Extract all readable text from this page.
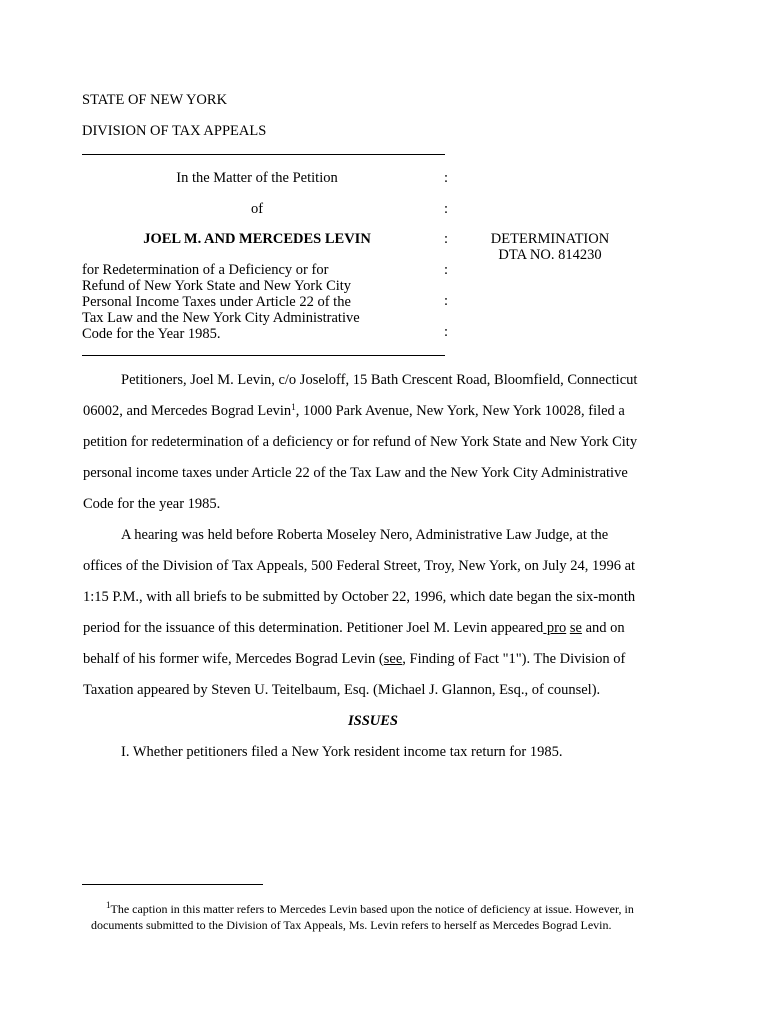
STATE OF NEW YORK
DIVISION OF TAX APPEALS
In the Matter of the Petition
of
JOEL M. AND MERCEDES LEVIN
for Redetermination of a Deficiency or for
Refund of New York State and New York City
Personal Income Taxes under Article 22 of the
Tax Law and the New York City Administrative
Code for the Year 1985.
:
:
:
:
:
:
DETERMINATION
DTA NO. 814230
Petitioners, Joel M. Levin, c/o Joseloff, 15 Bath Crescent Road, Bloomfield, Connecticut
06002, and Mercedes Bograd Levin$^1$, 1000 Park Avenue, New York, New York 10028, filed a
petition for redetermination of a deficiency or for refund of New York State and New York City
personal income taxes under Article 22 of the Tax Law and the New York City Administrative
Code for the year 1985.
A hearing was held before Roberta Moseley Nero, Administrative Law Judge, at the
offices of the Division of Tax Appeals, 500 Federal Street, Troy, New York, on July 24, 1996 at
1:15 P.M., with all briefs to be submitted by October 22, 1996, which date began the six-month
period for the issuance of this determination. Petitioner Joel M. Levin appeared pro se and on
behalf of his former wife, Mercedes Bograd Levin (see, Finding of Fact "1"). The Division of
Taxation appeared by Steven U. Teitelbaum, Esq. (Michael J. Glannon, Esq., of counsel).
ISSUES
I. Whether petitioners filed a New York resident income tax return for 1985.
$^1$The caption in this matter refers to Mercedes Levin based upon the notice of deficiency at issue. However, in
documents submitted to the Division of Tax Appeals, Ms. Levin refers to herself as Mercedes Bograd Levin.
